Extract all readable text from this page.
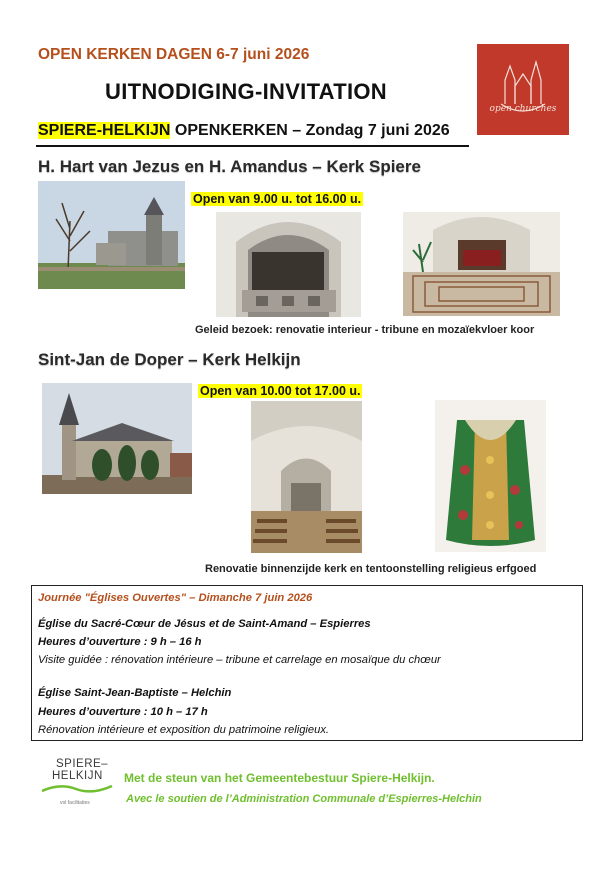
OPEN KERKEN DAGEN 6-7 juni 2026
UITNODIGING-INVITATION
SPIERE-HELKIJN OPENKERKEN – Zondag 7 juni 2026
open churches
H. Hart van Jezus en H. Amandus – Kerk Spiere
Open van 9.00 u. tot 16.00 u.
Geleid bezoek: renovatie interieur - tribune en mozaïekvloer koor
Sint-Jan de Doper – Kerk Helkijn
Open van 10.00 tot 17.00 u.
Renovatie binnenzijde kerk en tentoonstelling religieus erfgoed
Journée "Églises Ouvertes" – Dimanche 7 juin 2026
Église du Sacré-Cœur de Jésus et de Saint-Amand – Espierres
Heures d’ouverture : 9 h – 16 h
Visite guidée : rénovation intérieure – tribune et carrelage en mosaïque du chœur
Église Saint-Jean-Baptiste – Helchin
Heures d’ouverture : 10 h – 17 h
Rénovation intérieure et exposition du patrimoine religieux.
SPIERE–
HELKIJN
vol facilitaties
Met de steun van het Gemeentebestuur Spiere-Helkijn.
Avec le soutien de l’Administration Communale d’Espierres-Helchin
